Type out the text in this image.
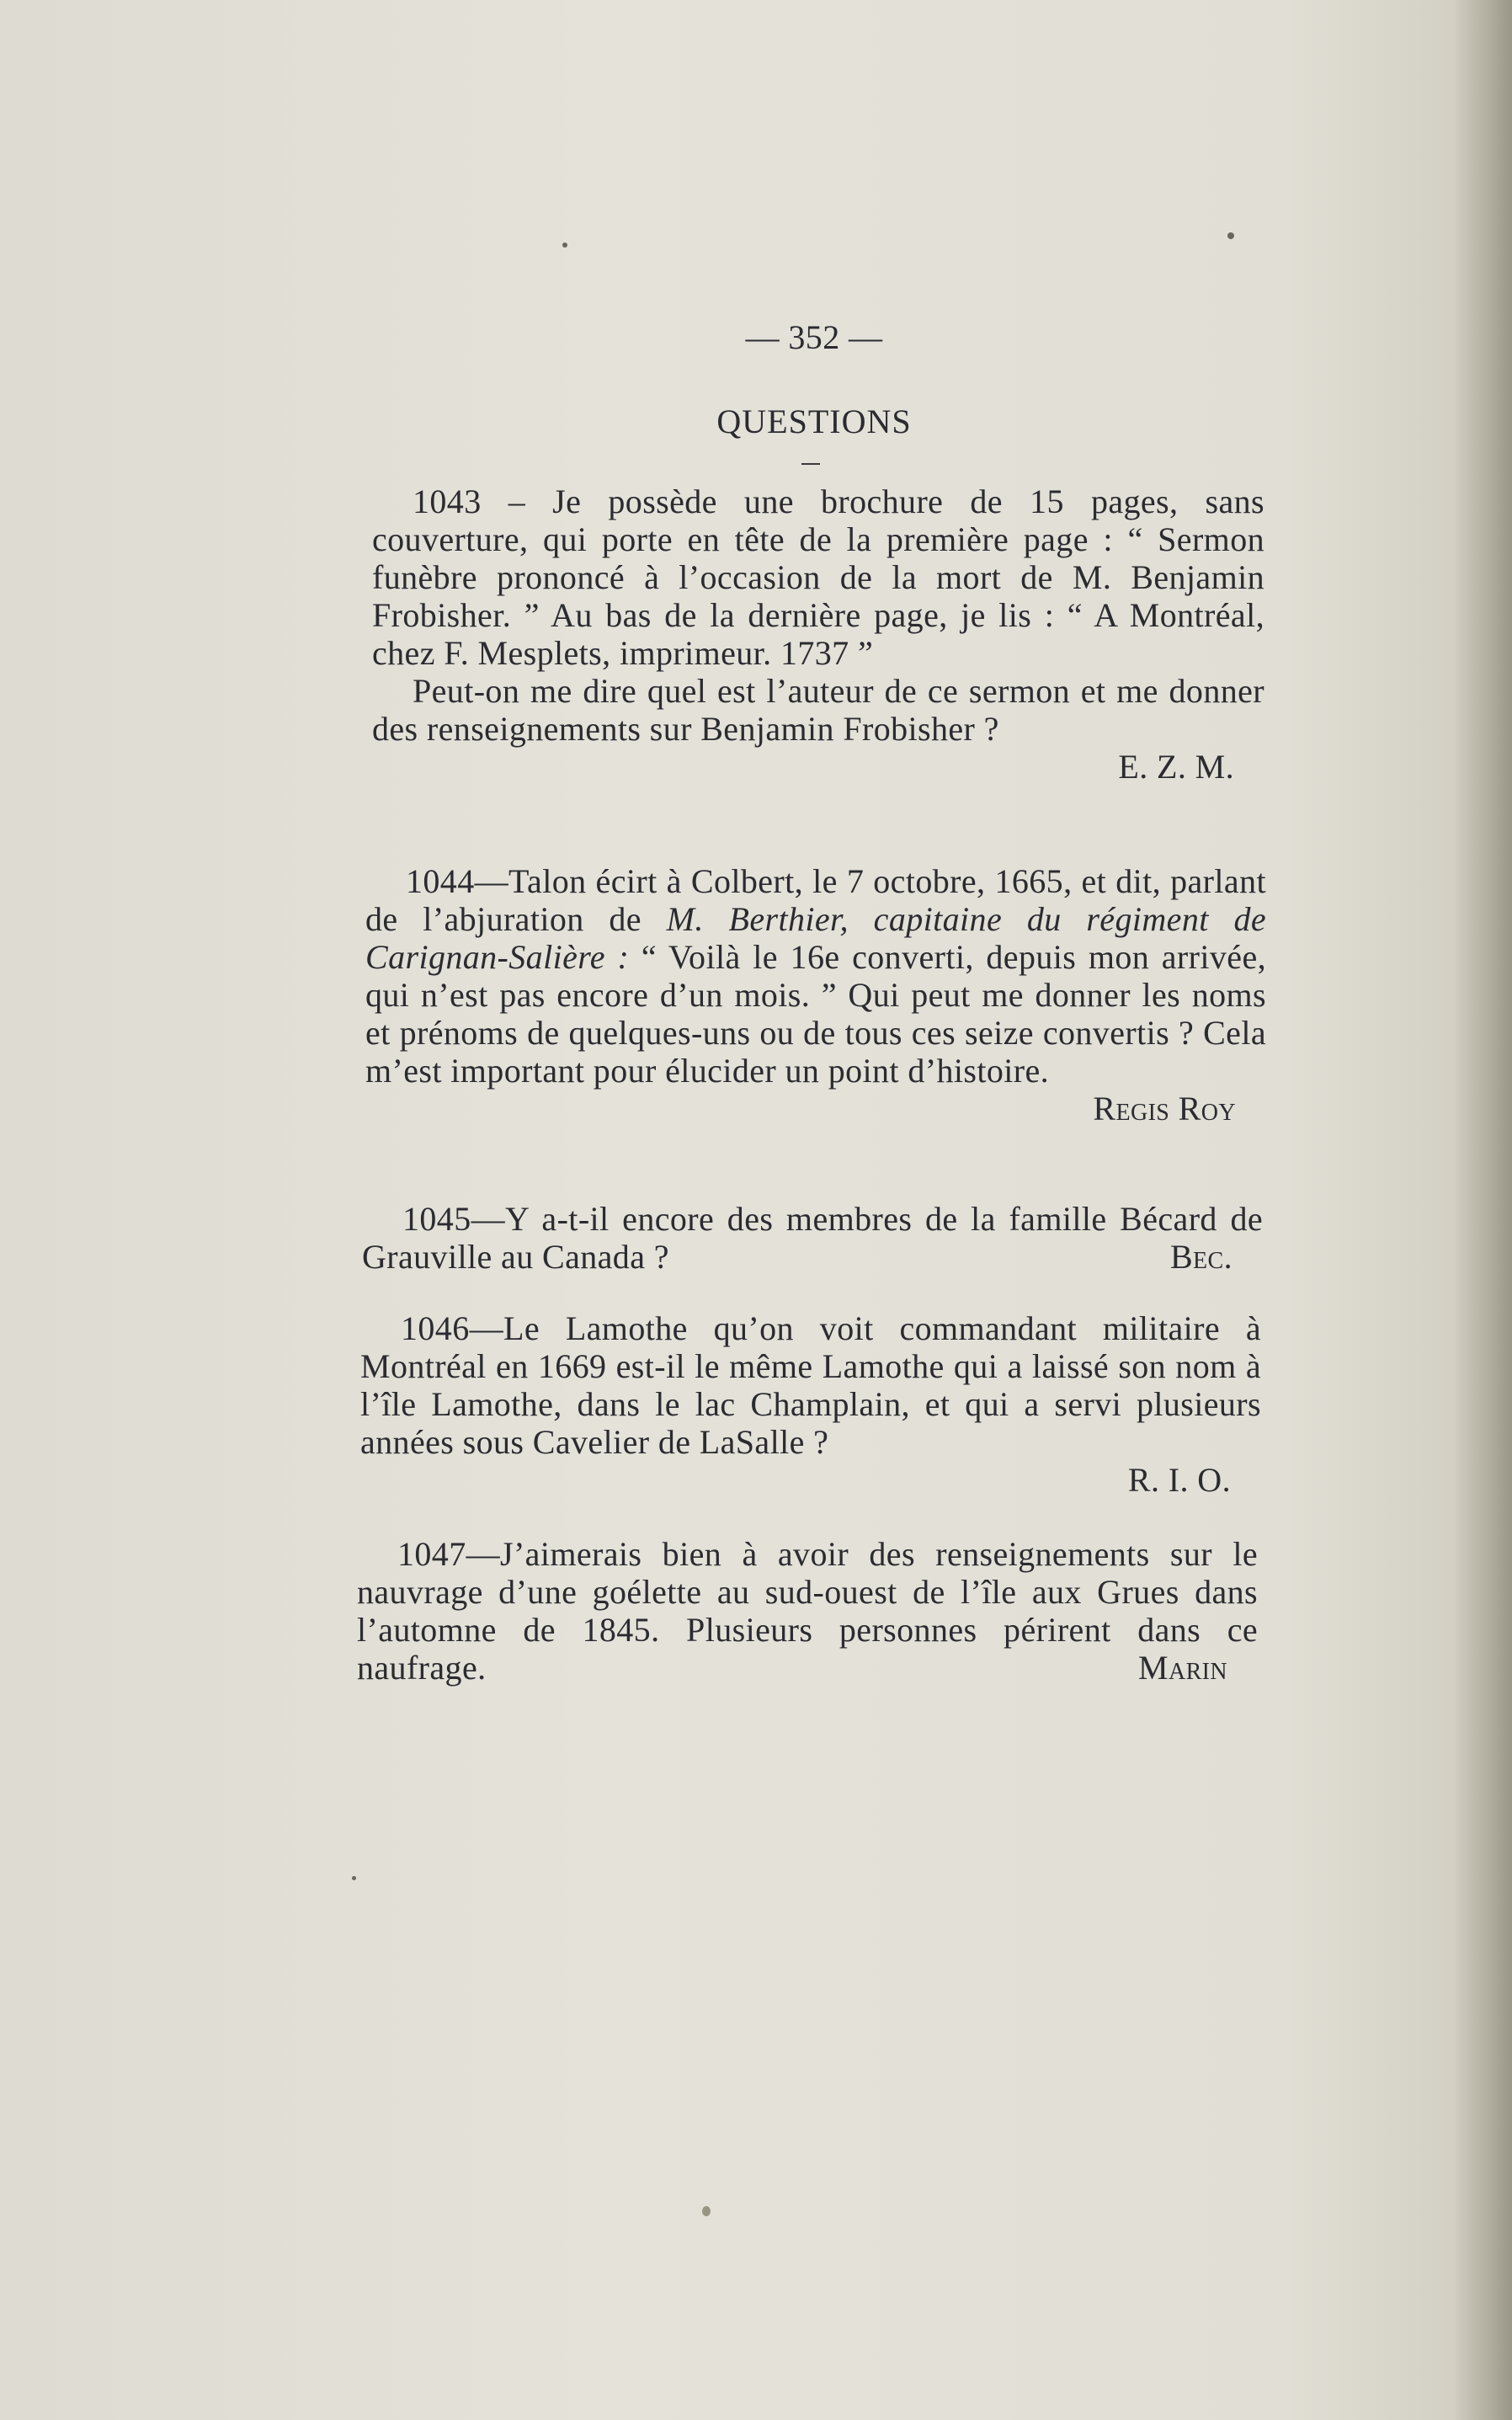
— 352 —
QUESTIONS

1043 – Je possède une brochure de 15 pages, sans couverture, qui porte en tête de la première page : “ Sermon funèbre prononcé à l’occasion de la mort de M. Benjamin Frobisher. ” Au bas de la dernière page, je lis : “ A Montréal, chez F. Mesplets, imprimeur. 1737 ”

Peut-on me dire quel est l’auteur de ce sermon et me donner des renseignements sur Benjamin Frobisher ?

E. Z. M.

1044—Talon écirt à Colbert, le 7 octobre, 1665, et dit, parlant de l’abjuration de M. Berthier, capitaine du régiment de Carignan-Salière : “ Voilà le 16e converti, depuis mon arrivée, qui n’est pas encore d’un mois. ” Qui peut me donner les noms et prénoms de quelques-uns ou de tous ces seize convertis ? Cela m’est important pour élucider un point d’histoire.

Regis Roy

1045—Y a-t-il encore des membres de la famille Bécard de Grauville au Canada ?	Bec.

1046—Le Lamothe qu’on voit commandant militaire à Montréal en 1669 est-il le même Lamothe qui a laissé son nom à l’île Lamothe, dans le lac Champlain, et qui a servi plusieurs années sous Cavelier de LaSalle ?

R. I. O.

1047—J’aimerais bien à avoir des renseignements sur le nauvrage d’une goélette au sud-ouest de l’île aux Grues dans l’automne de 1845. Plusieurs personnes périrent dans ce naufrage.	Marin
